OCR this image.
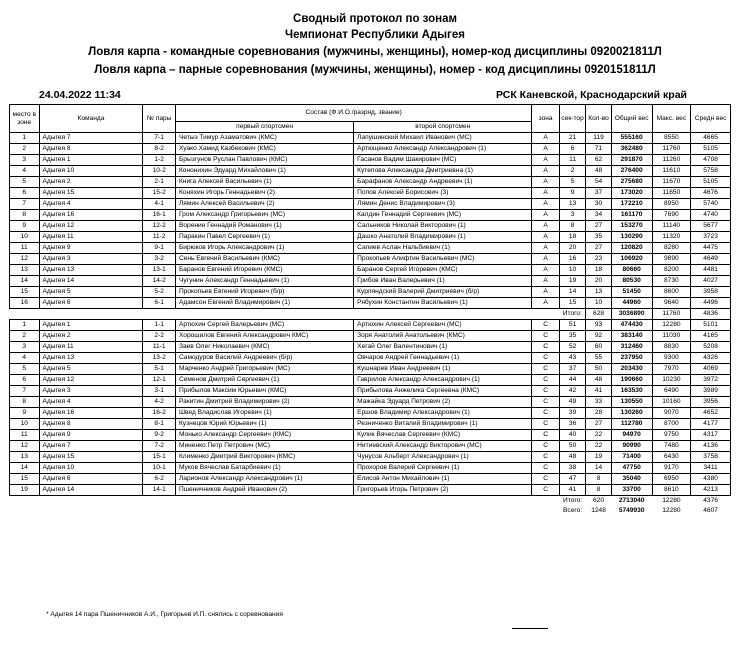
Сводный протокол по зонам
Чемпионат Республики Адыгея
Ловля карпа - командные соревнования (мужчины, женщины), номер-код дисциплины 0920021811Л
Ловля карпа – парные соревнования (мужчины, женщины), номер - код дисциплины 0920151811Л
24.04.2022 11:34	РСК Каневской, Краснодарский край
место в зоне	Команда	№ пары	Состав (Ф.И.О./разряд, звание)		зона	сек-тор	Кол-во	Общий вес	Макс. вес	Средн вес
			первый спортсмен	второй спортсмен						
1	Адыгея 7	7-1	Четыз Тимур Азаматович (КМС)	Лапушинский Михаил Иванович (МС)	A	21	119	555160	8550	4665
2	Адыгея 8	8-2	Хуако Хамид Казбекович (КМС)	Артющенко Александр Александрович (1)	A	6	71	362480	11760	5105
3	Адыгея 1	1-2	Брызгунов Руслан Павлович (КМС)	Гасанов Вадим Шакирович (МС)	A	11	62	291870	11260	4708
4	Адыгея 10	10-2	Кононихин Эдуард Михайлович (1)	Кутепова Александра Дмитриевна (1)	A	2	48	276400	11610	5758
5	Адыгея 2	2-1	Книга Алексей Васильевич (1)	Барафанов Александр Андреевич (1)	A	5	54	275680	11670	5105
6	Адыгея 15	15-2	Коняхин Игорь Геннадьевич (2)	Попов Алексей Борисович (3)	A	9	37	173020	11650	4676
7	Адыгея 4	4-1	Лямин Алексей Васильевич (2)	Лямин Денис Владимирович (3)	A	13	30	172210	8950	5740
8	Адыгея 16	16-1	Гром Александр Григорьевич (МС)	Калдин Геннадий Сергеевич (МС)	A	3	34	161170	7690	4740
9	Адыгея 12	12-2	Воренин Геннадий Романович (1)	Сальников Николай Викторович (1)	A	8	27	153270	11140	5677
10	Адыгея 11	11-2	Паракин Павел Сергеевич (1)	Дашко Анатолий Владимирович (1)	A	18	35	130290	11320	3723
11	Адыгея 9	9-1	Бирюков Игорь Александрович (1)	Сапиев Аслан Нальбиевич (1)	A	20	27	120820	8280	4475
12	Адыгея 3	3-2	Сень Евгений Васильевич (КМС)	Прокопьев Алифтин Васильевич (МС)	A	16	23	106920	9890	4649
13	Адыгея 13	13-1	Баранов Евгений Игоревич (КМС)	Баранов Сергей Игоревич (КМС)	A	10	18	80660	8200	4481
14	Адыгея 14	14-2	Чугунин Александр Геннадьевич (1)	Грибов Иван Валерьевич (1)	A	19	20	80530	8730	4027
15	Адыгея 5	5-2	Прокопьев Евгений Игоревич (б/р)	Курляндский Валерий Дмитриевич (б/р)	A	14	13	51450	8600	3958
16	Адыгея 6	6-1	Адамсон Евгений Владимирович (1)	Рябухин Константин Васильевич (1)	A	15	10	44960	9640	4496
						Итого:	628	3036890	11760	4836
1	Адыгея 1	1-1	Артюхин Сергей Валерьевич (МС)	Артюхин Алексей Сергеевич (МС)	C	51	93	474430	12280	5101
2	Адыгея 2	2-2	Хорошилов Евгений Александрович КМС)	Зоря Анатолий Анатольевич (КМС)	C	35	92	383140	11030	4165
3	Адыгея 11	11-1	Заев Олег Николаевич (КМС)	Хегай Олег Валентинович (1)	C	52	60	312460	8830	5208
4	Адыгея 13	13-2	Самодуров Василий Андреевич (б/р)	Овчаров Андрей Геннадьевич (1)	C	43	55	237950	9300	4326
5	Адыгея 5	5-1	Марченко Андрей Григорьевич (МС)	Кушнарев Иван Андреевич (1)	C	37	50	203430	7970	4069
6	Адыгея 12	12-1	Семенов Дмитрий Сергеевич (1)	Гаврилов Александр Александрович (1)	C	44	48	190660	10230	3972
7	Адыгея 3	3-1	Прибылов Максим Юрьевич (КМС)	Прибылова Анжелика Сергеевна (КМС)	C	42	41	163530	6490	3989
8	Адыгея 4	4-2	Ракитин Дмитрий Владимирович (2)	Мажайка Эдуард Петрович (2)	C	49	33	130550	10160	3956
9	Адыгея 16	16-2	Швед Владислав Игоревич (1)	Ершов Владимир Александрович (1)	C	39	28	130260	9070	4652
10	Адыгея 8	8-1	Кузнецов Юрий Юрьевич (1)	Резниченко Виталий Владимирович (1)	C	36	27	112780	8700	4177
11	Адыгея 9	9-2	Монько Александр Сергеевич (КМС)	Кулик Вячеслав Сергеевич (КМС)	C	40	22	94970	9750	4317
12	Адыгея 7	7-2	Миненко Петр Петрович (МС)	Нитиевский Александр Викторович (МС)	C	50	22	90990	7480	4136
13	Адыгея 15	15-1	Клименко Дмитрий Викторович (КМС)	Чунусов Альберт Александрович (1)	C	48	19	71400	6430	3758
14	Адыгея 10	10-1	Муков Вячеслав Батарбиевич (1)	Прохоров Валерий Сергеевич (1)	C	38	14	47750	9170	3411
15	Адыгея 6	6-2	Ларионов Александр Александрович (1)	Елисов Антон Михайлович (1)	C	47	8	35040	6950	4380
19	Адыгея 14	14-1	Пшеничников Андрей Иванович (2)	Григорьев Игорь Петрович (2)	C	41	8	33700	8610	4213
						Итого:	620	2713040	12280	4376
						Всего:	1248	5749930	12280	4607
* Адыгея 14 пара Пшеничников А.И., Григорьев И.П. снялись с соревнования
